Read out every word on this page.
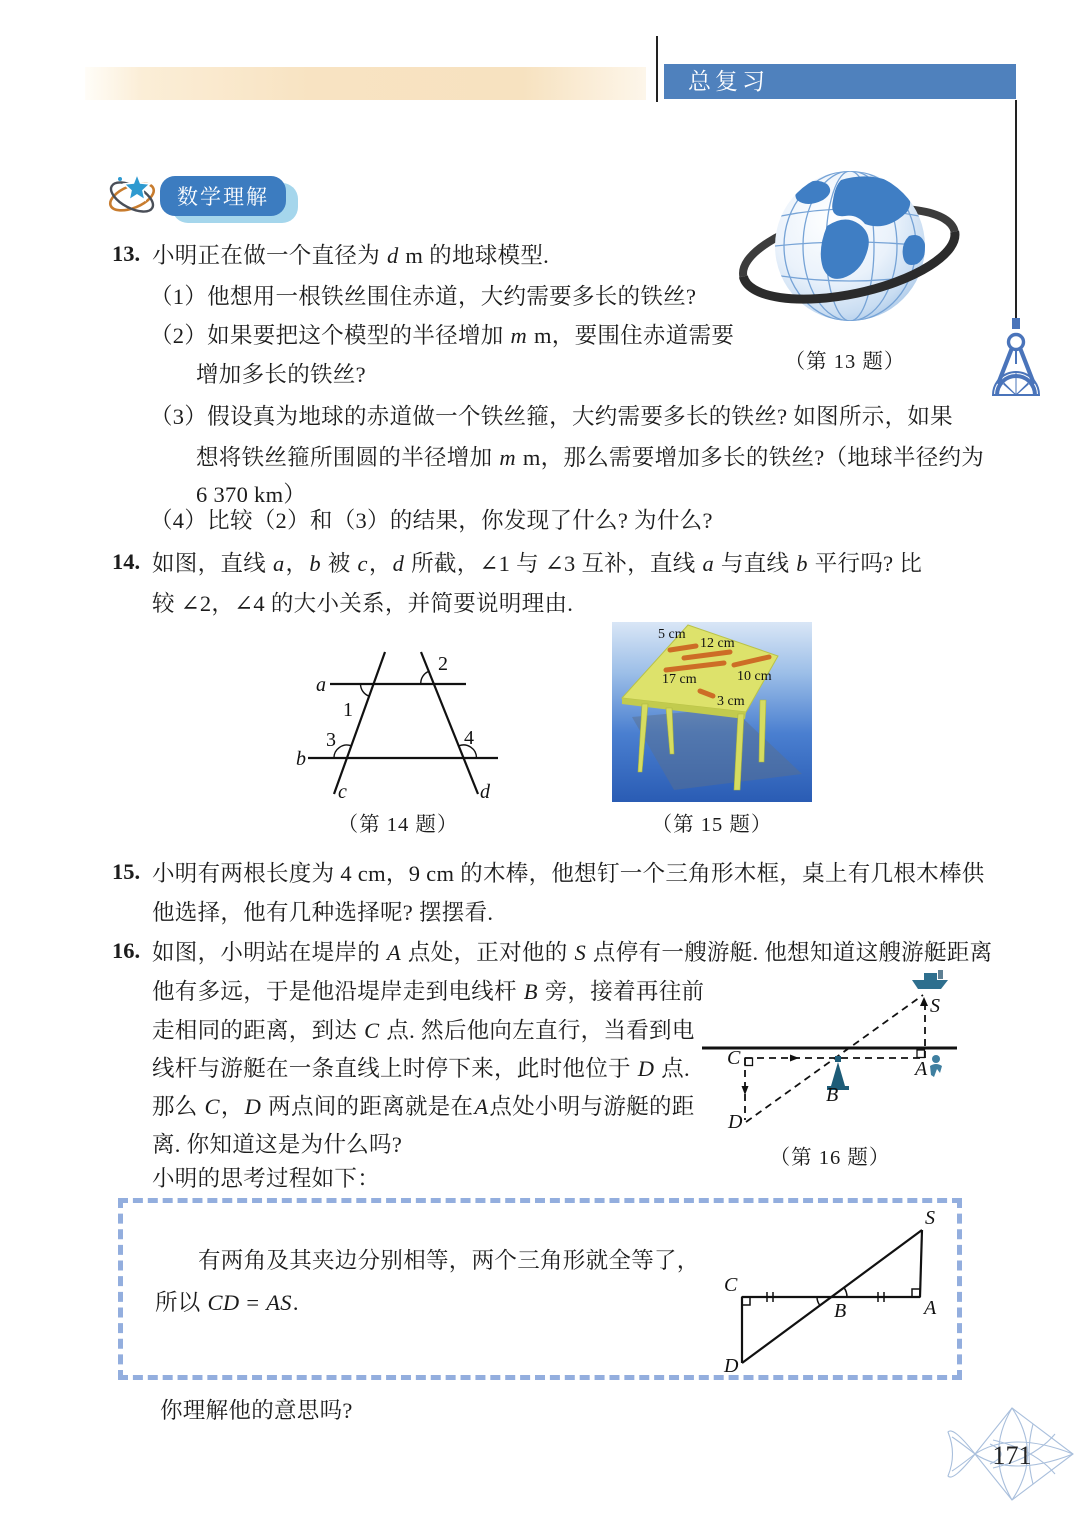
总复习
数学理解
（第 13 题）
13. 小明正在做一个直径为 d m 的地球模型.
（1）他想用一根铁丝围住赤道，大约需要多长的铁丝?
（2）如果要把这个模型的半径增加 m m，要围住赤道需要
增加多长的铁丝?
（3）假设真为地球的赤道做一个铁丝箍，大约需要多长的铁丝? 如图所示，如果
想将铁丝箍所围圆的半径增加 m m，那么需要增加多长的铁丝?（地球半径约为
6 370 km）
（4）比较（2）和（3）的结果，你发现了什么? 为什么?
14. 如图，直线 a，b 被 c，d 所截，∠1 与 ∠3 互补，直线 a 与直线 b 平行吗? 比
较 ∠2，∠4 的大小关系，并简要说明理由.
a
b
c	d
1
2
3	4
（第 14 题）
5 cm
12 cm
17 cm	10 cm
3 cm
（第 15 题）
15. 小明有两根长度为 4 cm，9 cm 的木棒，他想钉一个三角形木框，桌上有几根木棒供
他选择，他有几种选择呢? 摆摆看.
16. 如图，小明站在堤岸的 A 点处，正对他的 S 点停有一艘游艇. 他想知道这艘游艇距离
他有多远，于是他沿堤岸走到电线杆 B 旁，接着再往前
走相同的距离，到达 C 点. 然后他向左直行，当看到电
线杆与游艇在一条直线上时停下来，此时他位于 D 点.
那么 C，D 两点间的距离就是在A点处小明与游艇的距
离. 你知道这是为什么吗?
小明的思考过程如下：
S
A
B
C
D
（第 16 题）
有两角及其夹边分别相等，两个三角形就全等了，
所以 CD = AS.
S
A
B
C
D
你理解他的意思吗?
171
